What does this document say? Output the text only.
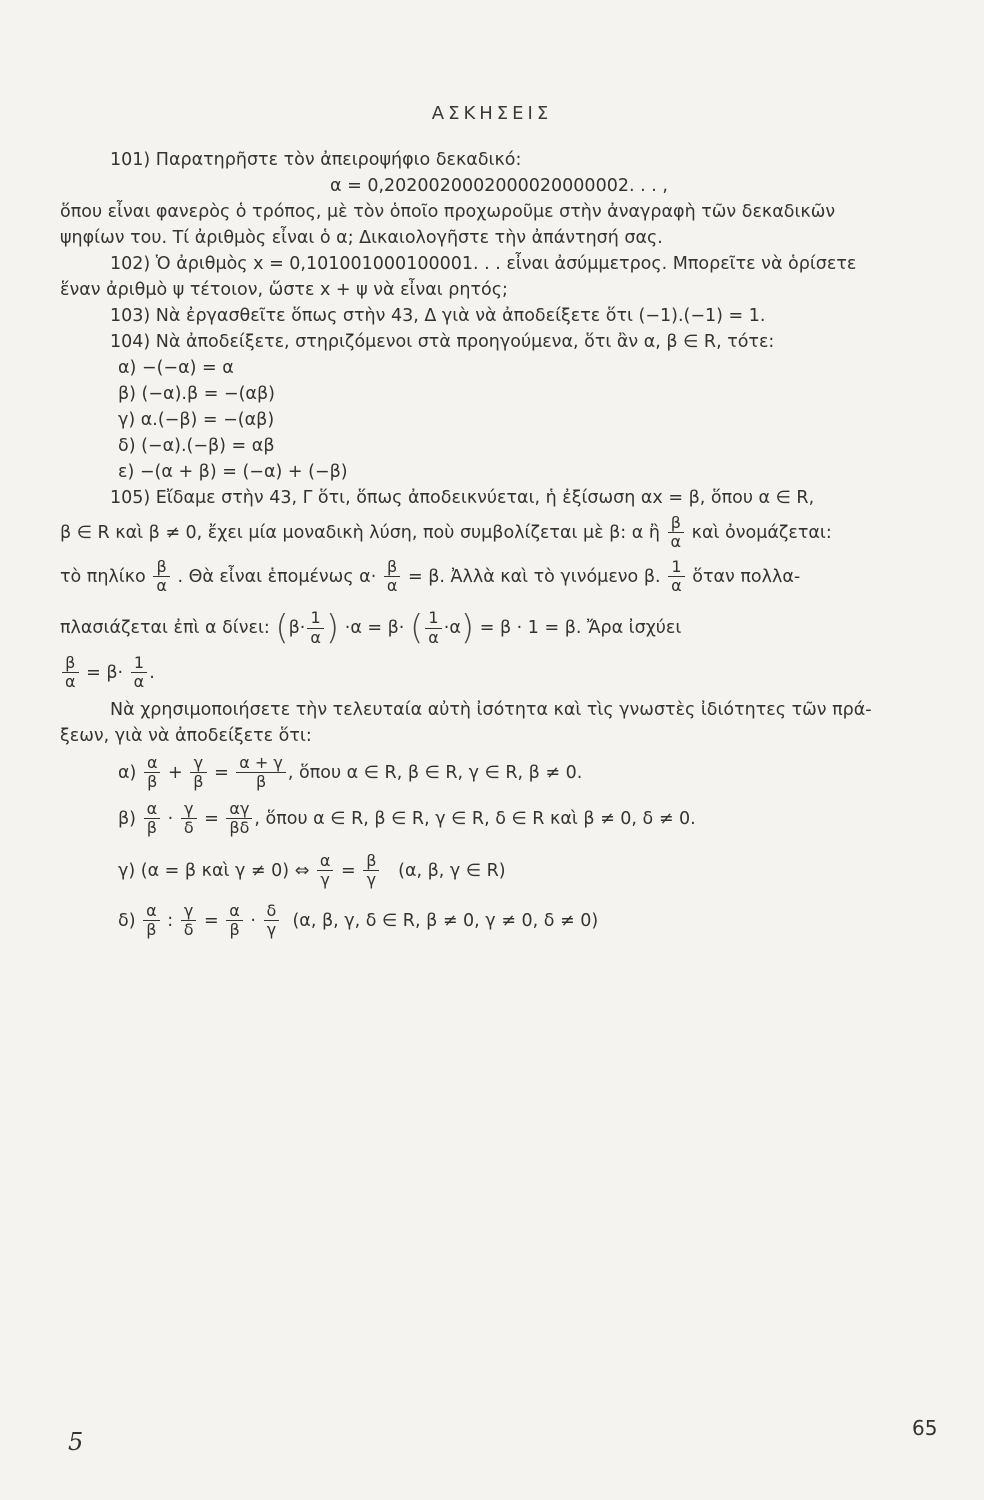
ΑΣΚΗΣΕΙΣ
101) Παρατηρῆστε τὸν ἀπειροψήφιο δεκαδικό:
α = 0,2020020002000020000002. . . ,
ὅπου εἶναι φανερὸς ὁ τρόπος, μὲ τὸν ὁποῖο προχωροῦμε στὴν ἀναγραφὴ τῶν δεκαδικῶν
ψηφίων του. Τί ἀριθμὸς εἶναι ὁ α; Δικαιολογῆστε τὴν ἀπάντησή σας.
102) Ὁ ἀριθμὸς x = 0,101001000100001. . . εἶναι ἀσύμμετρος. Μπορεῖτε νὰ ὁρίσετε
ἕναν ἀριθμὸ ψ τέτοιον, ὥστε x + ψ νὰ εἶναι ρητός;
103) Νὰ ἐργασθεῖτε ὅπως στὴν 43, Δ γιὰ νὰ ἀποδείξετε ὅτι (−1).(−1) = 1.
104) Νὰ ἀποδείξετε, στηριζόμενοι στὰ προηγούμενα, ὅτι ἂν α, β ∈ R, τότε:
α) −(−α) = α
β) (−α).β = −(αβ)
γ) α.(−β) = −(αβ)
δ) (−α).(−β) = αβ
ε) −(α + β) = (−α) + (−β)
105) Εἴδαμε στὴν 43, Γ ὅτι, ὅπως ἀποδεικνύεται, ἡ ἐξίσωση αx = β, ὅπου α ∈ R,
β ∈ R καὶ β ≠ 0, ἔχει μία μοναδικὴ λύση, ποὺ συμβολίζεται μὲ β: α ἢ $\frac{\beta}{\alpha}$ καὶ ὀνομάζεται:
τὸ πηλίκο $\frac{\beta}{\alpha}$ . Θὰ εἶναι ἑπομένως $\alpha\cdot \frac{\beta}{\alpha} = \beta$. Ἀλλὰ καὶ τὸ γινόμενο β. $\frac{1}{\alpha}$ ὅταν πολλα-
πλασιάζεται ἐπὶ α δίνει: ($\beta\cdot \frac{1}{\alpha}$ ) ·α = β· ( $\frac{1}{\alpha} \cdot\alpha) = \beta \cdot 1 = \beta$. Ἄρα ἰσχύει
$\frac{\beta}{\alpha} = \beta\cdot \frac{1}{\alpha}$ .
Νὰ χρησιμοποιήσετε τὴν τελευταία αὐτὴ ἰσότητα καὶ τὶς γνωστὲς ἰδιότητες τῶν πρά-
ξεων, γιὰ νὰ ἀποδείξετε ὅτι:
$\alpha) \frac{\alpha}{\beta} + \frac{\gamma}{\beta} = \frac{\alpha + \gamma}{\beta}$ , ὅπου α ∈ R, β ∈ R, γ ∈ R, β ≠ 0.
$\beta) \frac{\alpha}{\beta} \cdot \frac{\gamma}{\delta} = \frac{\alpha\gamma}{\beta\delta}$ , ὅπου α ∈ R, β ∈ R, γ ∈ R, δ ∈ R καὶ β ≠ 0, δ ≠ 0.
γ) (α = β καὶ γ ≠ 0) ⇔ $\frac{\alpha}{\gamma} = \frac{\beta}{\gamma} (\alpha$, β, γ ∈ R)
$\delta) \frac{\alpha}{\beta}$ : $\frac{\gamma}{\delta} = \frac{\alpha}{\beta} \cdot \frac{\delta}{\gamma} (\alpha$, β, γ, δ ∈ R, β ≠ 0, γ ≠ 0, δ ≠ 0)
5	65
